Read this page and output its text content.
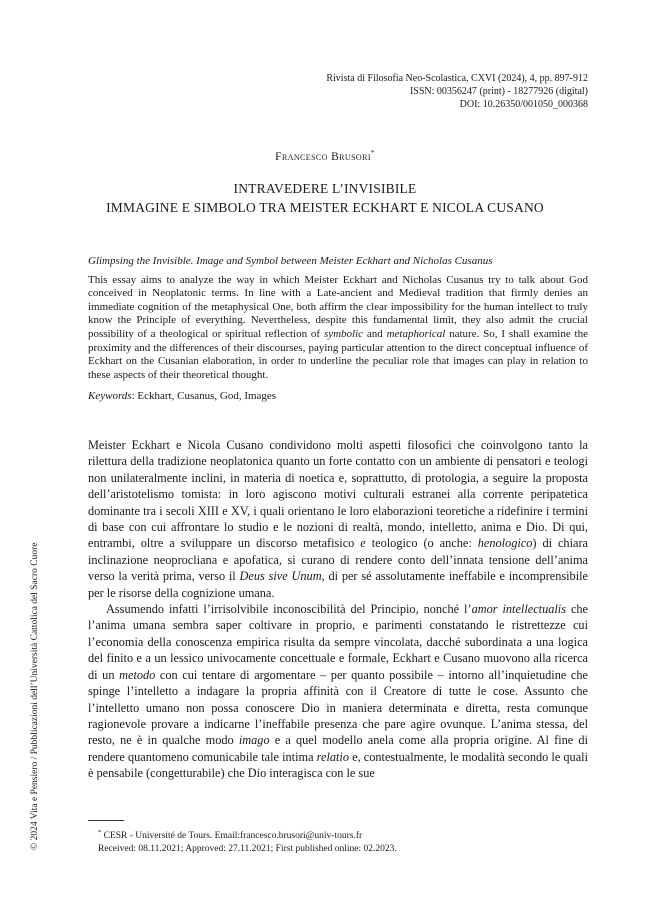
Rivista di Filosofia Neo-Scolastica, CXVI (2024), 4, pp. 897-912
ISSN: 00356247 (print) - 18277926 (digital)
DOI: 10.26350/001050_000368
Francesco Brusori*
INTRAVEDERE L’INVISIBILE
IMMAGINE E SIMBOLO TRA MEISTER ECKHART E NICOLA CUSANO
Glimpsing the Invisible. Image and Symbol between Meister Eckhart and Nicholas Cusanus

This essay aims to analyze the way in which Meister Eckhart and Nicholas Cusanus try to talk about God conceived in Neoplatonic terms. In line with a Late-ancient and Medieval tradition that firmly denies an immediate cognition of the metaphysical One, both affirm the clear impossibility for the human intellect to truly know the Principle of everything. Nevertheless, despite this fundamental limit, they also admit the crucial possibility of a theological or spiritual reflection of symbolic and metaphorical nature. So, I shall examine the proximity and the differences of their discourses, paying particular attention to the direct conceptual influence of Eckhart on the Cusanian elaboration, in order to underline the peculiar role that images can play in relation to these aspects of their theoretical thought.

Keywords: Eckhart, Cusanus, God, Images

Meister Eckhart e Nicola Cusano condividono molti aspetti filosofici che coinvolgono tanto la rilettura della tradizione neoplatonica quanto un forte contatto con un ambiente di pensatori e teologi non unilateralmente inclini, in materia di noetica e, soprattutto, di protologia, a seguire la proposta dell’aristotelismo tomista: in loro agiscono motivi culturali estranei alla corrente peripatetica dominante tra i secoli XIII e XV, i quali orientano le loro elaborazioni teoretiche a ridefinire i termini di base con cui affrontare lo studio e le nozioni di realtà, mondo, intelletto, anima e Dio. Di qui, entrambi, oltre a sviluppare un discorso metafisico e teologico (o anche: henologico) di chiara inclinazione neoprocliana e apofatica, si curano di rendere conto dell’innata tensione dell’anima verso la verità prima, verso il Deus sive Unum, di per sé assolutamente ineffabile e incomprensibile per le risorse della cognizione umana.

Assumendo infatti l’irrisolvibile inconoscibilità del Principio, nonché l’amor intellectualis che l’anima umana sembra saper coltivare in proprio, e parimenti constatando le ristrettezze cui l’economia della conoscenza empirica risulta da sempre vincolata, dacché subordinata a una logica del finito e a un lessico univocamente concettuale e formale, Eckhart e Cusano muovono alla ricerca di un metodo con cui tentare di argomentare – per quanto possibile – intorno all’inquietudine che spinge l’intelletto a indagare la propria affinità con il Creatore di tutte le cose. Assunto che l’intelletto umano non possa conoscere Dio in maniera determinata e diretta, resta comunque ragionevole provare a indicarne l’ineffabile presenza che pare agire ovunque. L’anima stessa, del resto, ne è in qualche modo imago e a quel modello anela come alla propria origine. Al fine di rendere quantomeno comunicabile tale intima relatio e, contestualmente, le modalità secondo le quali è pensabile (congetturabile) che Dio interagisca con le sue

© 2024 Vita e Pensiero / Pubblicazioni dell’Università Cattolica del Sacro Cuore	* CESR - Université de Tours. Email:francesco.brusori@univ-tours.fr
Received: 08.11.2021; Approved: 27.11.2021; First published online: 02.2023.
